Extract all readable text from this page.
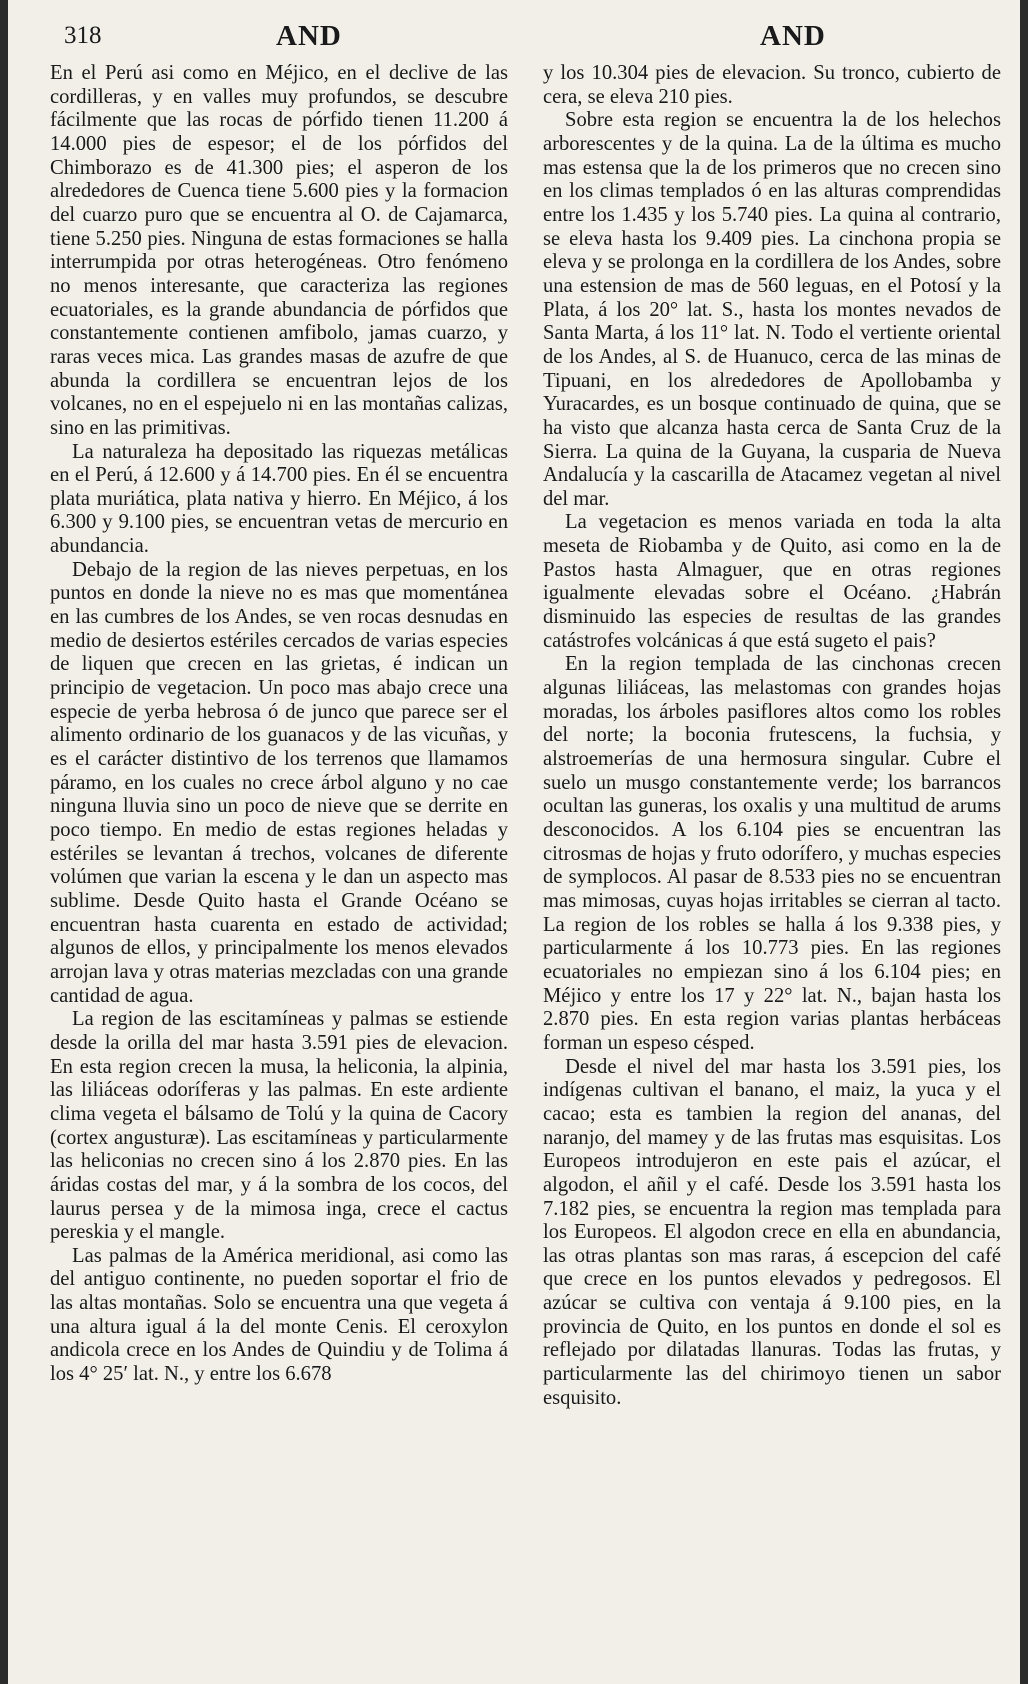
318	AND	AND

En el Perú asi como en Méjico, en el declive de las cordilleras, y en valles muy profundos, se descubre fácilmente que las rocas de pórfido tienen 11.200 á 14.000 pies de espesor; el de los pórfidos del Chimborazo es de 41.300 pies; el asperon de los alrededores de Cuenca tiene 5.600 pies y la formacion del cuarzo puro que se encuentra al O. de Cajamarca, tiene 5.250 pies. Ninguna de estas formaciones se halla interrumpida por otras heterogéneas. Otro fenómeno no menos interesante, que caracteriza las regiones ecuatoriales, es la grande abundancia de pórfidos que constantemente contienen amfibolo, jamas cuarzo, y raras veces mica. Las grandes masas de azufre de que abunda la cordillera se encuentran lejos de los volcanes, no en el espejuelo ni en las montañas calizas, sino en las primitivas.

La naturaleza ha depositado las riquezas metálicas en el Perú, á 12.600 y á 14.700 pies. En él se encuentra plata muriática, plata nativa y hierro. En Méjico, á los 6.300 y 9.100 pies, se encuentran vetas de mercurio en abundancia.

Debajo de la region de las nieves perpetuas, en los puntos en donde la nieve no es mas que momentánea en las cumbres de los Andes, se ven rocas desnudas en medio de desiertos estériles cercados de varias especies de liquen que crecen en las grietas, é indican un principio de vegetacion. Un poco mas abajo crece una especie de yerba hebrosa ó de junco que parece ser el alimento ordinario de los guanacos y de las vicuñas, y es el carácter distintivo de los terrenos que llamamos páramo, en los cuales no crece árbol alguno y no cae ninguna lluvia sino un poco de nieve que se derrite en poco tiempo. En medio de estas regiones heladas y estériles se levantan á trechos, volcanes de diferente volúmen que varian la escena y le dan un aspecto mas sublime. Desde Quito hasta el Grande Océano se encuentran hasta cuarenta en estado de actividad; algunos de ellos, y principalmente los menos elevados arrojan lava y otras materias mezcladas con una grande cantidad de agua.

La region de las escitamíneas y palmas se estiende desde la orilla del mar hasta 3.591 pies de elevacion. En esta region crecen la musa, la heliconia, la alpinia, las liliáceas odoríferas y las palmas. En este ardiente clima vegeta el bálsamo de Tolú y la quina de Cacory (cortex angusturæ). Las escitamíneas y particularmente las heliconias no crecen sino á los 2.870 pies. En las áridas costas del mar, y á la sombra de los cocos, del laurus persea y de la mimosa inga, crece el cactus pereskia y el mangle.

Las palmas de la América meridional, asi como las del antiguo continente, no pueden soportar el frio de las altas montañas. Solo se encuentra una que vegeta á una altura igual á la del monte Cenis. El ceroxylon andicola crece en los Andes de Quindiu y de Tolima á los 4° 25′ lat. N., y entre los 6.678

y los 10.304 pies de elevacion. Su tronco, cubierto de cera, se eleva 210 pies.

Sobre esta region se encuentra la de los helechos arborescentes y de la quina. La de la última es mucho mas estensa que la de los primeros que no crecen sino en los climas templados ó en las alturas comprendidas entre los 1.435 y los 5.740 pies. La quina al contrario, se eleva hasta los 9.409 pies. La cinchona propia se eleva y se prolonga en la cordillera de los Andes, sobre una estension de mas de 560 leguas, en el Potosí y la Plata, á los 20° lat. S., hasta los montes nevados de Santa Marta, á los 11° lat. N. Todo el vertiente oriental de los Andes, al S. de Huanuco, cerca de las minas de Tipuani, en los alrededores de Apollobamba y Yuracardes, es un bosque continuado de quina, que se ha visto que alcanza hasta cerca de Santa Cruz de la Sierra. La quina de la Guyana, la cusparia de Nueva Andalucía y la cascarilla de Atacamez vegetan al nivel del mar.

La vegetacion es menos variada en toda la alta meseta de Riobamba y de Quito, asi como en la de Pastos hasta Almaguer, que en otras regiones igualmente elevadas sobre el Océano. ¿Habrán disminuido las especies de resultas de las grandes catástrofes volcánicas á que está sugeto el pais?

En la region templada de las cinchonas crecen algunas liliáceas, las melastomas con grandes hojas moradas, los árboles pasiflores altos como los robles del norte; la boconia frutescens, la fuchsia, y alstroemerías de una hermosura singular. Cubre el suelo un musgo constantemente verde; los barrancos ocultan las guneras, los oxalis y una multitud de arums desconocidos. A los 6.104 pies se encuentran las citrosmas de hojas y fruto odorífero, y muchas especies de symplocos. Al pasar de 8.533 pies no se encuentran mas mimosas, cuyas hojas irritables se cierran al tacto. La region de los robles se halla á los 9.338 pies, y particularmente á los 10.773 pies. En las regiones ecuatoriales no empiezan sino á los 6.104 pies; en Méjico y entre los 17 y 22° lat. N., bajan hasta los 2.870 pies. En esta region varias plantas herbáceas forman un espeso césped.

Desde el nivel del mar hasta los 3.591 pies, los indígenas cultivan el banano, el maiz, la yuca y el cacao; esta es tambien la region del ananas, del naranjo, del mamey y de las frutas mas esquisitas. Los Europeos introdujeron en este pais el azúcar, el algodon, el añil y el café. Desde los 3.591 hasta los 7.182 pies, se encuentra la region mas templada para los Europeos. El algodon crece en ella en abundancia, las otras plantas son mas raras, á escepcion del café que crece en los puntos elevados y pedregosos. El azúcar se cultiva con ventaja á 9.100 pies, en la provincia de Quito, en los puntos en donde el sol es reflejado por dilatadas llanuras. Todas las frutas, y particularmente las del chirimoyo tienen un sabor esquisito.
